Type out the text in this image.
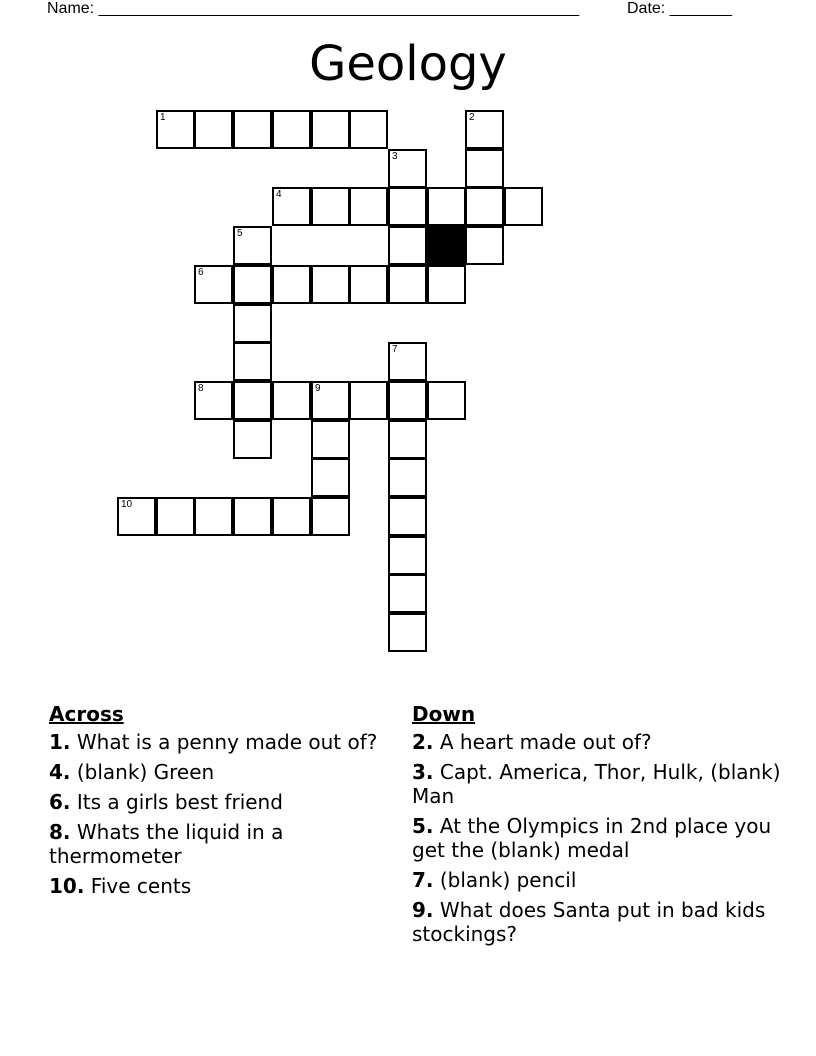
Name: ______________________________________________________	Date: _______
Geology
1	2
3
4
5
6
7
8	9
10
Across
1. What is a penny made out of?
4. (blank) Green
6. Its a girls best friend
8. Whats the liquid in a thermometer
10. Five cents
Down
2. A heart made out of?
3. Capt. America, Thor, Hulk, (blank) Man
5. At the Olympics in 2nd place you get the (blank) medal
7. (blank) pencil
9. What does Santa put in bad kids stockings?
